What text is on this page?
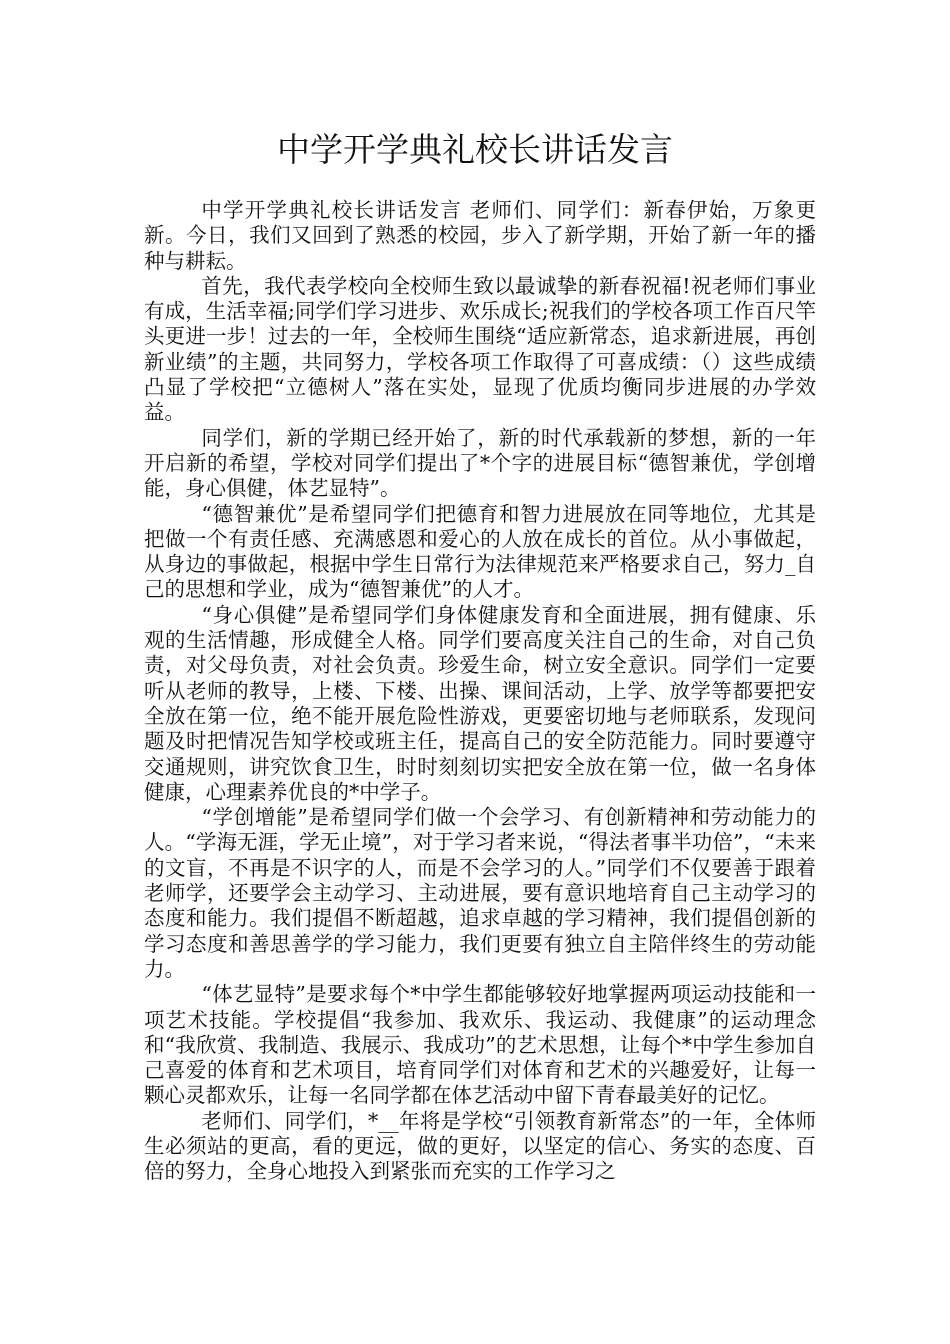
中学开学典礼校长讲话发言

中学开学典礼校长讲话发言 老师们、同学们：新春伊始，万象更新。今日，我们又回到了熟悉的校园，步入了新学期，开始了新一年的播种与耕耘。

首先，我代表学校向全校师生致以最诚挚的新春祝福!祝老师们事业有成，生活幸福;同学们学习进步、欢乐成长;祝我们的学校各项工作百尺竿头更进一步！过去的一年，全校师生围绕“适应新常态，追求新进展，再创新业绩”的主题，共同努力，学校各项工作取得了可喜成绩：（）这些成绩凸显了学校把“立德树人”落在实处，显现了优质均衡同步进展的办学效益。

同学们，新的学期已经开始了，新的时代承载新的梦想，新的一年开启新的希望，学校对同学们提出了*个字的进展目标“德智兼优，学创增能，身心俱健，体艺显特”。

“德智兼优”是希望同学们把德育和智力进展放在同等地位，尤其是把做一个有责任感、充满感恩和爱心的人放在成长的首位。从小事做起，从身边的事做起，根据中学生日常行为法律规范来严格要求自己，努力_自己的思想和学业，成为“德智兼优”的人才。

“身心俱健”是希望同学们身体健康发育和全面进展，拥有健康、乐观的生活情趣，形成健全人格。同学们要高度关注自己的生命，对自己负责，对父母负责，对社会负责。珍爱生命，树立安全意识。同学们一定要听从老师的教导，上楼、下楼、出操、课间活动，上学、放学等都要把安全放在第一位，绝不能开展危险性游戏，更要密切地与老师联系，发现问题及时把情况告知学校或班主任，提高自己的安全防范能力。同时要遵守交通规则，讲究饮食卫生，时时刻刻切实把安全放在第一位，做一名身体健康，心理素养优良的*中学子。

“学创增能”是希望同学们做一个会学习、有创新精神和劳动能力的人。“学海无涯，学无止境”，对于学习者来说，“得法者事半功倍”，“未来的文盲，不再是不识字的人，而是不会学习的人。”同学们不仅要善于跟着老师学，还要学会主动学习、主动进展，要有意识地培育自己主动学习的态度和能力。我们提倡不断超越，追求卓越的学习精神，我们提倡创新的学习态度和善思善学的学习能力，我们更要有独立自主陪伴终生的劳动能力。

“体艺显特”是要求每个*中学生都能够较好地掌握两项运动技能和一项艺术技能。学校提倡“我参加、我欢乐、我运动、我健康”的运动理念和“我欣赏、我制造、我展示、我成功”的艺术思想，让每个*中学生参加自己喜爱的体育和艺术项目，培育同学们对体育和艺术的兴趣爱好，让每一颗心灵都欢乐，让每一名同学都在体艺活动中留下青春最美好的记忆。

老师们、同学们，*__年将是学校“引领教育新常态”的一年，全体师生必须站的更高，看的更远，做的更好，以坚定的信心、务实的态度、百倍的努力，全身心地投入到紧张而充实的工作学习之
